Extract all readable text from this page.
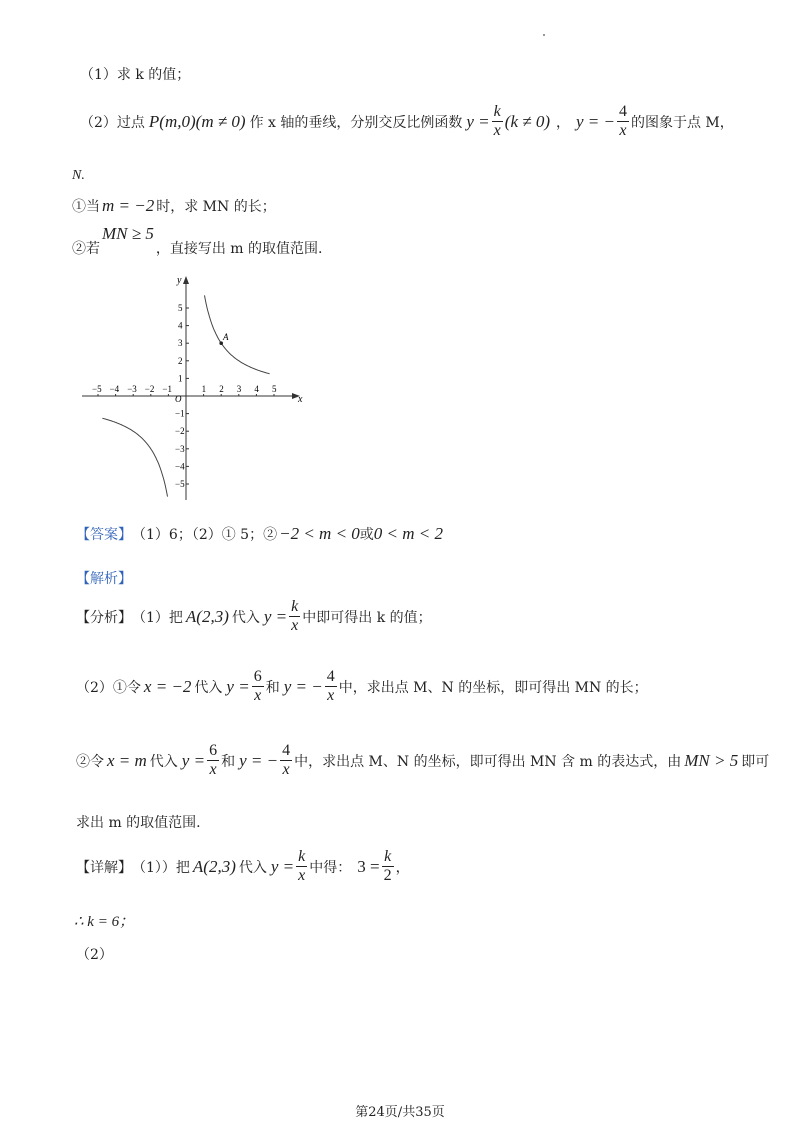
（1）求 k 的值；
（2）过点 P(m,0)(m ≠ 0) 作 x 轴的垂线，分别交反比例函数 $y = \frac{k}{x} (k \ne 0)$ ， y = − $\frac{4}{x}$ 的图象于点 M，
N.
①当 m = −2 时，求 MN 的长；
②若
MN ≥ 5
，直接写出 m 的取值范围.
x
y
O
A
−5 −4 −3 −2 −1	1 2 3 4 5
5
4
3
2
1
−1
−2
−3
−4
−5
【答案】 （1）6；（2）① 5；② −2 < m < 0 或 0 < m < 2
【解析】
【分析】 （1）把 A(2,3) 代入 $y = \frac{k}{x}$ 中即可得出 k 的值；
（2）①令 x = −2 代入 $y = \frac{6}{x}$ 和 y = − $\frac{4}{x}$ 中，求出点 M、N 的坐标，即可得出 MN 的长；
②令 x = m 代入 $y = \frac{6}{x}$ 和 y = − $\frac{4}{x}$ 中，求出点 M、N 的坐标，即可得出 MN 含 m 的表达式，由 MN > 5 即可
求出 m 的取值范围.
【详解】 （1））把 A(2,3) 代入 $y = \frac{k}{x}$ 中得： $3 = \frac{k}{2}$ ，
∴ k = 6；
（2）
第24页/共35页
